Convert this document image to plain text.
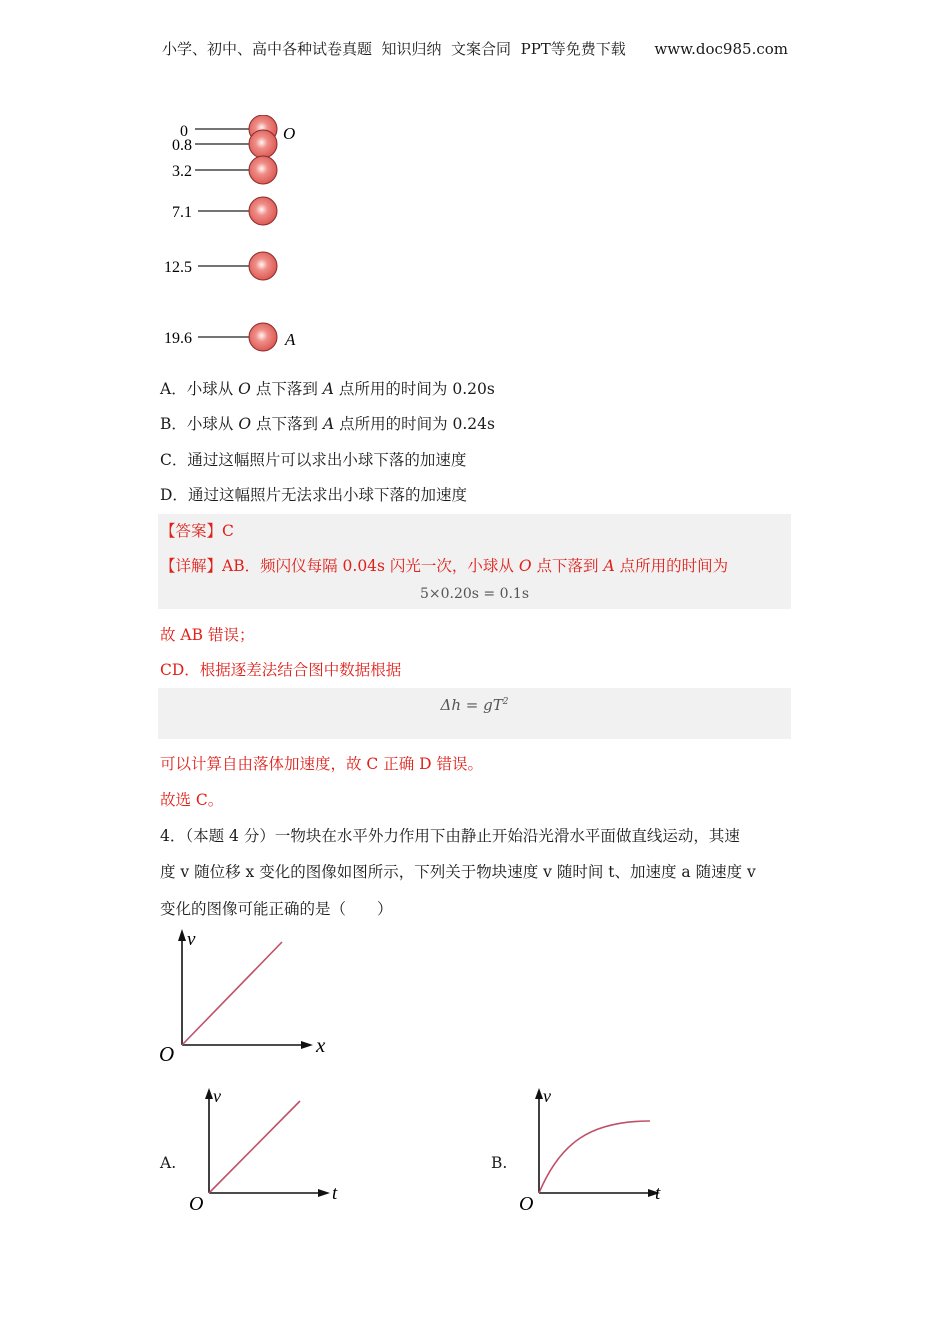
小学、初中、高中各种试卷真题  知识归纳  文案合同  PPT等免费下载      www.doc985.com
0
0.8
3.2
7.1
12.5
19.6
O
A
A．小球从 O 点下落到 A 点所用的时间为 0.20s
B．小球从 O 点下落到 A 点所用的时间为 0.24s
C．通过这幅照片可以求出小球下落的加速度
D．通过这幅照片无法求出小球下落的加速度
【答案】C
【详解】AB．频闪仪每隔 0.04s 闪光一次，小球从 O 点下落到 A 点所用的时间为
5×0.20s = 0.1s
故 AB 错误；
CD．根据逐差法结合图中数据根据
$\Delta h = gT^2$
可以计算自由落体加速度，故 C 正确 D 错误。
故选 C。
4．（本题 4 分）一物块在水平外力作用下由静止开始沿光滑水平面做直线运动，其速
度 v 随位移 x 变化的图像如图所示，下列关于物块速度 v 随时间 t、加速度 a 随速度 v
变化的图像可能正确的是（　　）
v
x
O
A.
v
t
O
B.
v
t
O
